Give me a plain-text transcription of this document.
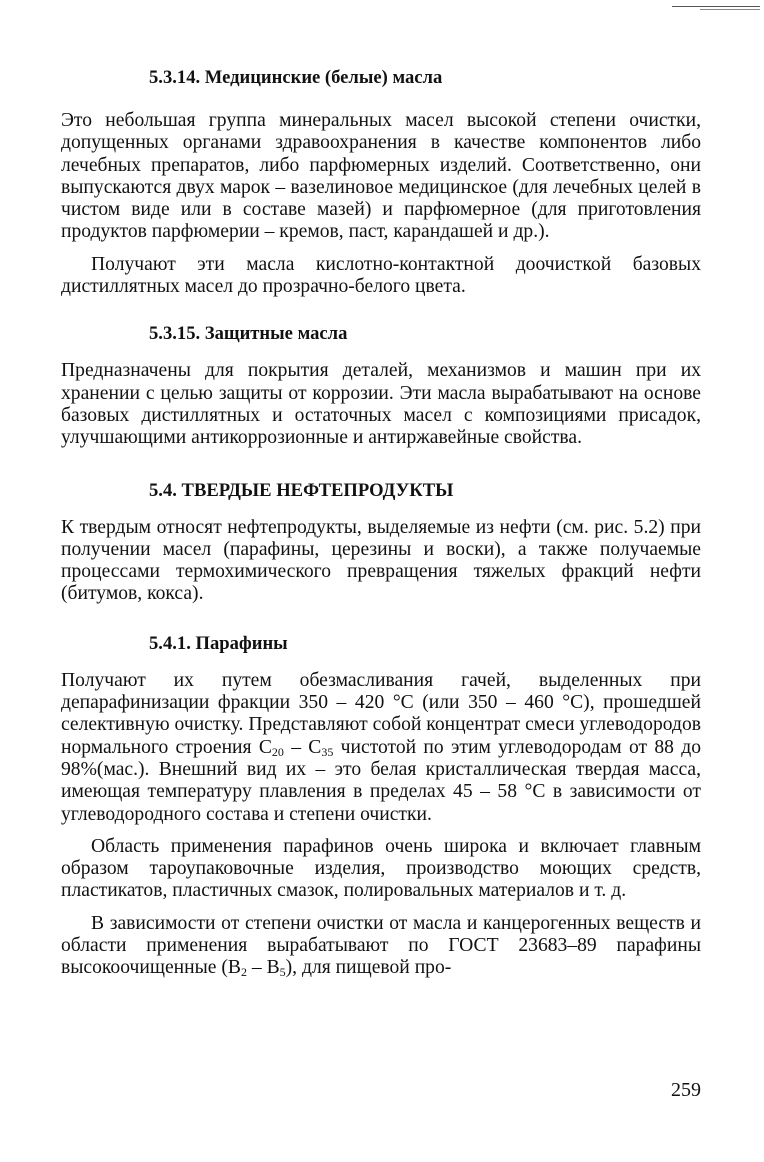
5.3.14. Медицинские (белые) масла

Это небольшая группа минеральных масел высокой степени очистки, допущенных органами здравоохранения в качестве компонентов либо лечебных препаратов, либо парфюмерных изделий. Соответственно, они выпускаются двух марок – вазелиновое медицинское (для лечебных целей в чистом виде или в составе мазей) и парфюмерное (для приготовления продуктов парфюмерии – кремов, паст, карандашей и др.).

Получают эти масла кислотно-контактной доочисткой базовых дистиллятных масел до прозрачно-белого цвета.

5.3.15. Защитные масла

Предназначены для покрытия деталей, механизмов и машин при их хранении с целью защиты от коррозии. Эти масла вырабатывают на основе базовых дистиллятных и остаточных масел с композициями присадок, улучшающими антикоррозионные и антиржавейные свойства.

5.4. ТВЕРДЫЕ НЕФТЕПРОДУКТЫ

К твердым относят нефтепродукты, выделяемые из нефти (см. рис. 5.2) при получении масел (парафины, церезины и воски), а также получаемые процессами термохимического превращения тяжелых фракций нефти (битумов, кокса).

5.4.1. Парафины

Получают их путем обезмасливания гачей, выделенных при депарафинизации фракции 350 – 420 °С (или 350 – 460 °С), прошедшей селективную очистку. Представляют собой концентрат смеси углеводородов нормального строения $С_{20} - С_{35}$ чистотой по этим углеводородам от 88 до 98%(мас.). Внешний вид их – это белая кристаллическая твердая масса, имеющая температуру плавления в пределах 45 – 58 °С в зависимости от углеводородного состава и степени очистки.

Область применения парафинов очень широка и включает главным образом тароупаковочные изделия, производство моющих средств, пластикатов, пластичных смазок, полировальных материалов и т. д.

В зависимости от степени очистки от масла и канцерогенных веществ и области применения вырабатывают по ГОСТ 23683–89 парафины высокоочищенные $(В_2 - В_5)$, для пищевой про-

259
